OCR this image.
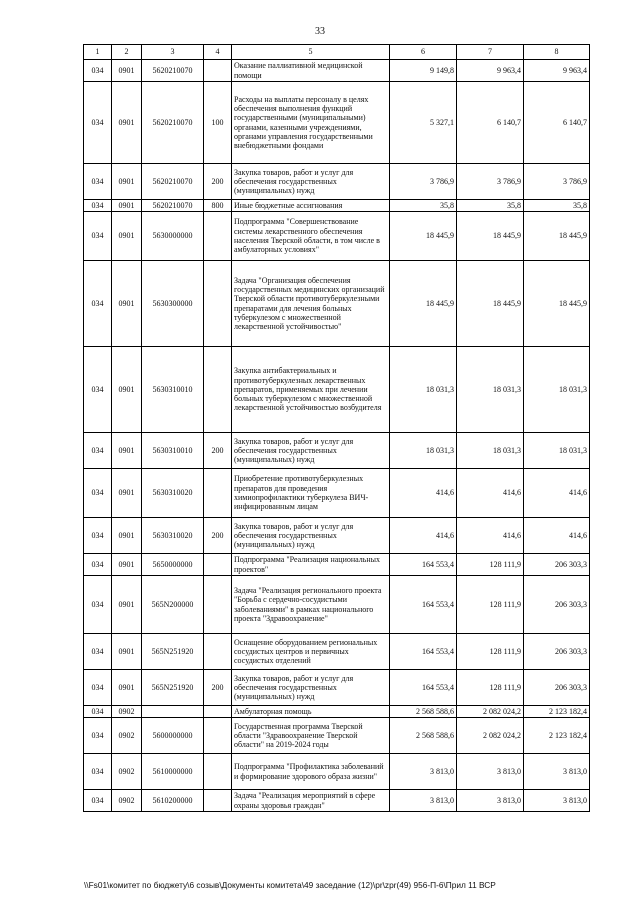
33
1	2	3	4	5	6	7	8
034	0901	5620210070		Оказание паллиативной медицинской помощи	9 149,8	9 963,4	9 963,4
034	0901	5620210070	100	Расходы на выплаты персоналу в целях обеспечения выполнения функций государственными (муниципальными) органами, казенными учреждениями, органами управления государственными внебюджетными фондами	5 327,1	6 140,7	6 140,7
034	0901	5620210070	200	Закупка товаров, работ и услуг для обеспечения государственных (муниципальных) нужд	3 786,9	3 786,9	3 786,9
034	0901	5620210070	800	Иные бюджетные ассигнования	35,8	35,8	35,8
034	0901	5630000000		Подпрограмма "Совершенствование системы лекарственного обеспечения населения Тверской области, в том числе в амбулаторных условиях"	18 445,9	18 445,9	18 445,9
034	0901	5630300000		Задача "Организация обеспечения государственных медицинских организаций Тверской области противотуберкулезными препаратами для лечения больных туберкулезом с множественной лекарственной устойчивостью"	18 445,9	18 445,9	18 445,9
034	0901	5630310010		Закупка антибактериальных и противотуберкулезных лекарственных препаратов, применяемых при лечении больных туберкулезом с множественной лекарственной устойчивостью возбудителя	18 031,3	18 031,3	18 031,3
034	0901	5630310010	200	Закупка товаров, работ и услуг для обеспечения государственных (муниципальных) нужд	18 031,3	18 031,3	18 031,3
034	0901	5630310020		Приобретение противотуберкулезных препаратов для проведения химиопрофилактики туберкулеза ВИЧ-инфицированным лицам	414,6	414,6	414,6
034	0901	5630310020	200	Закупка товаров, работ и услуг для обеспечения государственных (муниципальных) нужд	414,6	414,6	414,6
034	0901	5650000000		Подпрограмма "Реализация национальных проектов"	164 553,4	128 111,9	206 303,3
034	0901	565N200000		Задача "Реализация регионального проекта "Борьба с сердечно-сосудистыми заболеваниями" в рамках национального проекта "Здравоохранение"	164 553,4	128 111,9	206 303,3
034	0901	565N251920		Оснащение оборудованием региональных сосудистых центров и первичных сосудистых отделений	164 553,4	128 111,9	206 303,3
034	0901	565N251920	200	Закупка товаров, работ и услуг для обеспечения государственных (муниципальных) нужд	164 553,4	128 111,9	206 303,3
034	0902			Амбулаторная помощь	2 568 588,6	2 082 024,2	2 123 182,4
034	0902	5600000000		Государственная программа Тверской области "Здравоохранение Тверской области" на 2019-2024 годы	2 568 588,6	2 082 024,2	2 123 182,4
034	0902	5610000000		Подпрограмма "Профилактика заболеваний и формирование здорового образа жизни"	3 813,0	3 813,0	3 813,0
034	0902	5610200000		Задача "Реализация мероприятий в сфере охраны здоровья граждан"	3 813,0	3 813,0	3 813,0
\\Fs01\комитет по бюджету\6 созыв\Документы комитета\49 заседание (12)\pr\zpr(49) 956-П-6\Прил 11 ВСР
